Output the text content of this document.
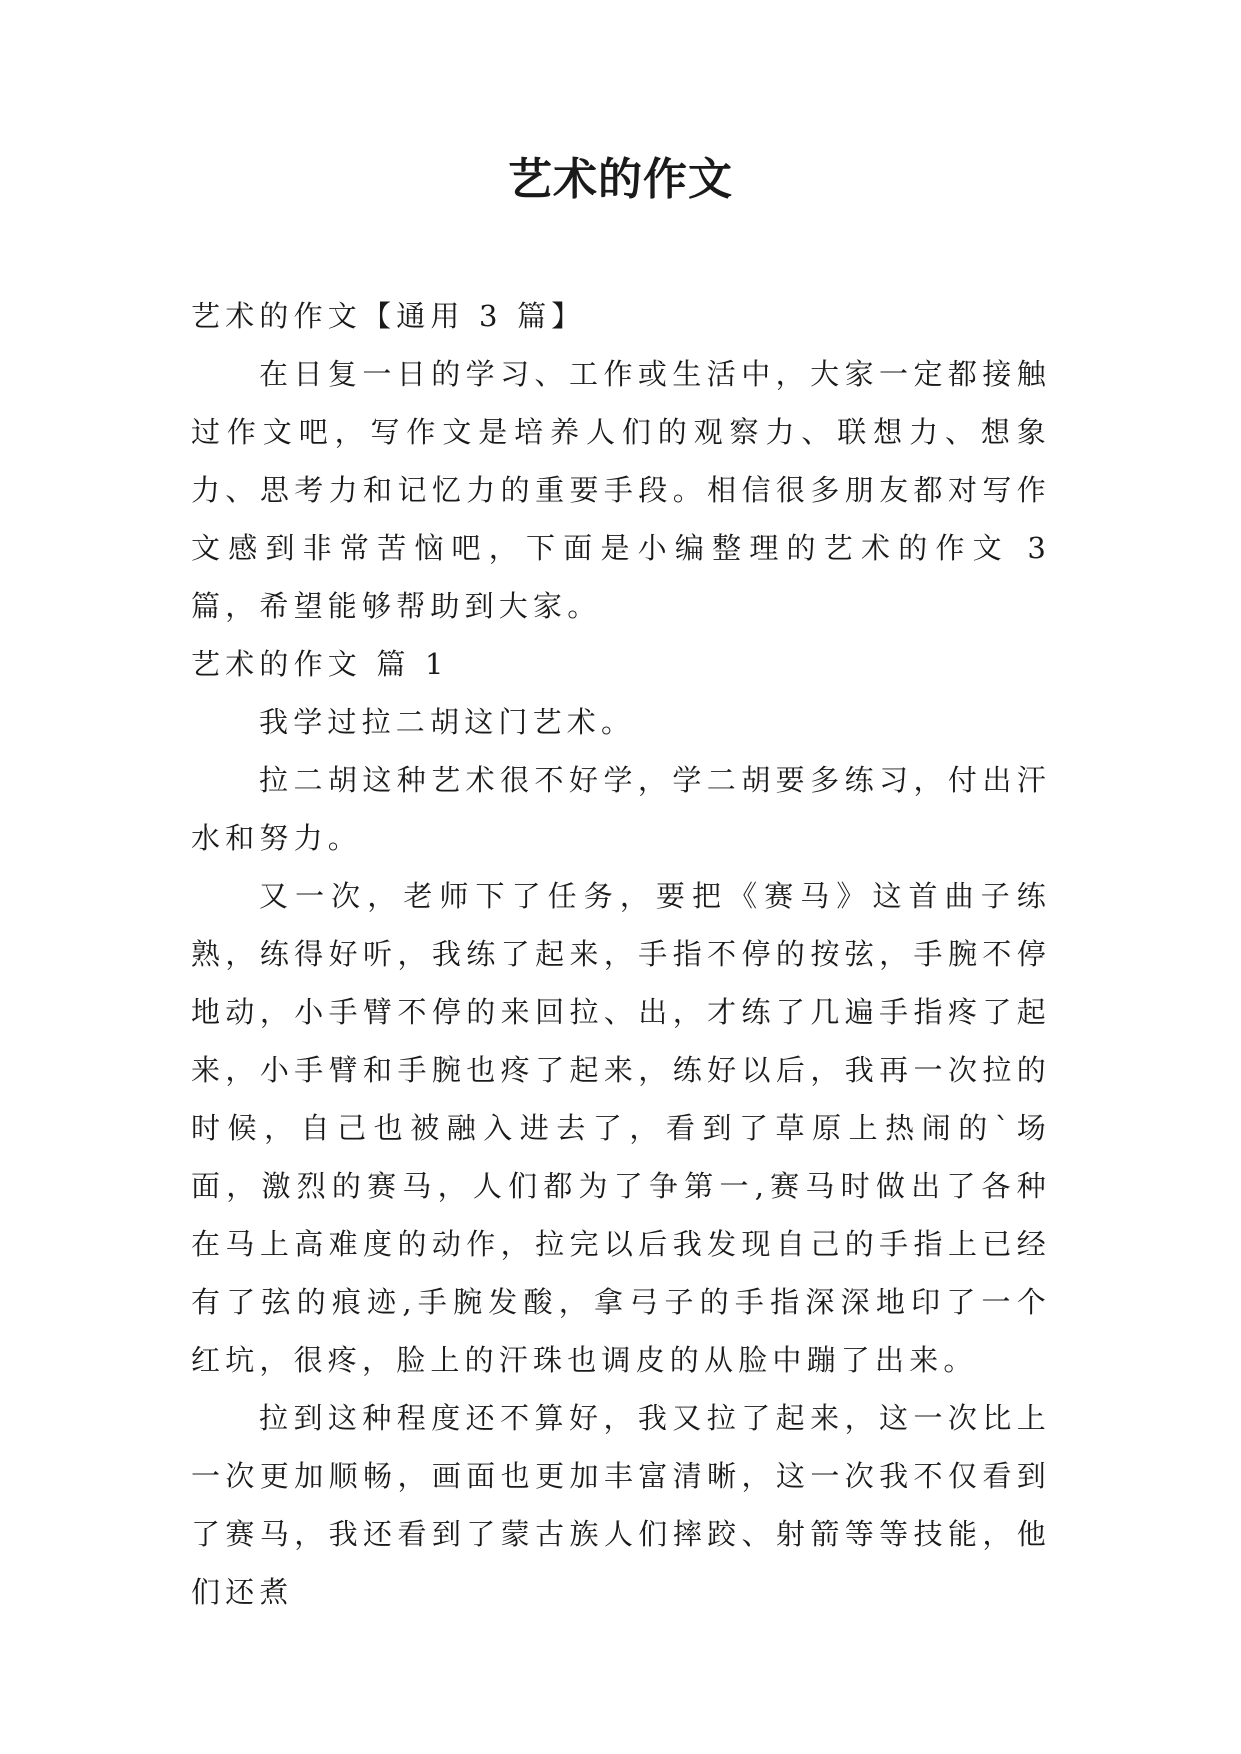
艺术的作文

艺术的作文【通用 3 篇】

在日复一日的学习、工作或生活中，大家一定都接触过作文吧，写作文是培养人们的观察力、联想力、想象力、思考力和记忆力的重要手段。相信很多朋友都对写作文感到非常苦恼吧，下面是小编整理的艺术的作文 3 篇，希望能够帮助到大家。

艺术的作文 篇 1

我学过拉二胡这门艺术。

拉二胡这种艺术很不好学，学二胡要多练习，付出汗水和努力。

又一次，老师下了任务，要把《赛马》这首曲子练熟，练得好听，我练了起来，手指不停的按弦，手腕不停地动，小手臂不停的来回拉、出，才练了几遍手指疼了起来，小手臂和手腕也疼了起来，练好以后，我再一次拉的时候，自己也被融入进去了，看到了草原上热闹的`场面，激烈的赛马，人们都为了争第一,赛马时做出了各种在马上高难度的动作，拉完以后我发现自己的手指上已经有了弦的痕迹,手腕发酸，拿弓子的手指深深地印了一个红坑，很疼，脸上的汗珠也调皮的从脸中蹦了出来。

拉到这种程度还不算好，我又拉了起来，这一次比上一次更加顺畅，画面也更加丰富清晰，这一次我不仅看到了赛马，我还看到了蒙古族人们摔跤、射箭等等技能，他们还煮
